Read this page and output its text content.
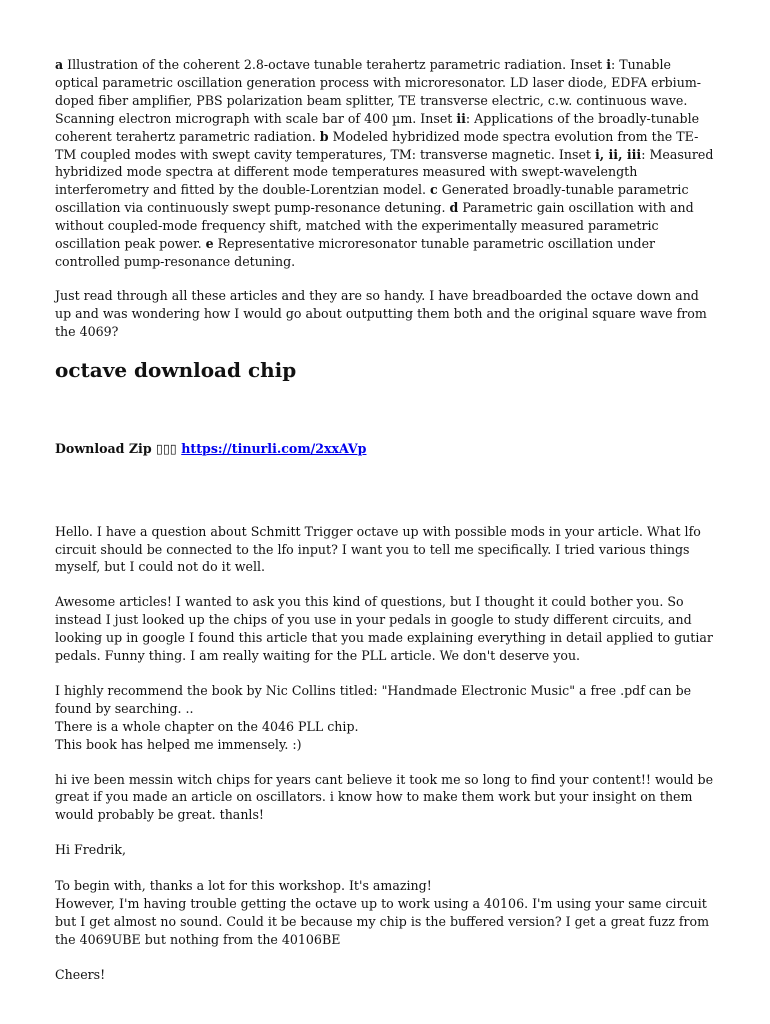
a Illustration of the coherent 2.8-octave tunable terahertz parametric radiation. Inset i: Tunable optical parametric oscillation generation process with microresonator. LD laser diode, EDFA erbium-doped fiber amplifier, PBS polarization beam splitter, TE transverse electric, c.w. continuous wave. Scanning electron micrograph with scale bar of 400 µm. Inset ii: Applications of the broadly-tunable coherent terahertz parametric radiation. b Modeled hybridized mode spectra evolution from the TE-TM coupled modes with swept cavity temperatures, TM: transverse magnetic. Inset i, ii, iii: Measured hybridized mode spectra at different mode temperatures measured with swept-wavelength interferometry and fitted by the double-Lorentzian model. c Generated broadly-tunable parametric oscillation via continuously swept pump-resonance detuning. d Parametric gain oscillation with and without coupled-mode frequency shift, matched with the experimentally measured parametric oscillation peak power. e Representative microresonator tunable parametric oscillation under controlled pump-resonance detuning.

Just read through all these articles and they are so handy. I have breadboarded the octave down and up and was wondering how I would go about outputting them both and the original square wave from the 4069?

octave download chip
Download Zip ▯▯▯ https://tinurli.com/2xxAVp

Hello. I have a question about Schmitt Trigger octave up with possible mods in your article. What lfo circuit should be connected to the lfo input? I want you to tell me specifically. I tried various things myself, but I could not do it well.

Awesome articles! I wanted to ask you this kind of questions, but I thought it could bother you. So instead I just looked up the chips of you use in your pedals in google to study different circuits, and looking up in google I found this article that you made explaining everything in detail applied to gutiar pedals. Funny thing. I am really waiting for the PLL article. We don't deserve you.

I highly recommend the book by Nic Collins titled: "Handmade Electronic Music" a free .pdf can be found by searching. ..
There is a whole chapter on the 4046 PLL chip.
This book has helped me immensely. :)

hi ive been messin witch chips for years cant believe it took me so long to find your content!! would be great if you made an article on oscillators. i know how to make them work but your insight on them would probably be great. thanls!

Hi Fredrik,

To begin with, thanks a lot for this workshop. It's amazing!
However, I'm having trouble getting the octave up to work using a 40106. I'm using your same circuit but I get almost no sound. Could it be because my chip is the buffered version? I get a great fuzz from the 4069UBE but nothing from the 40106BE

Cheers!
